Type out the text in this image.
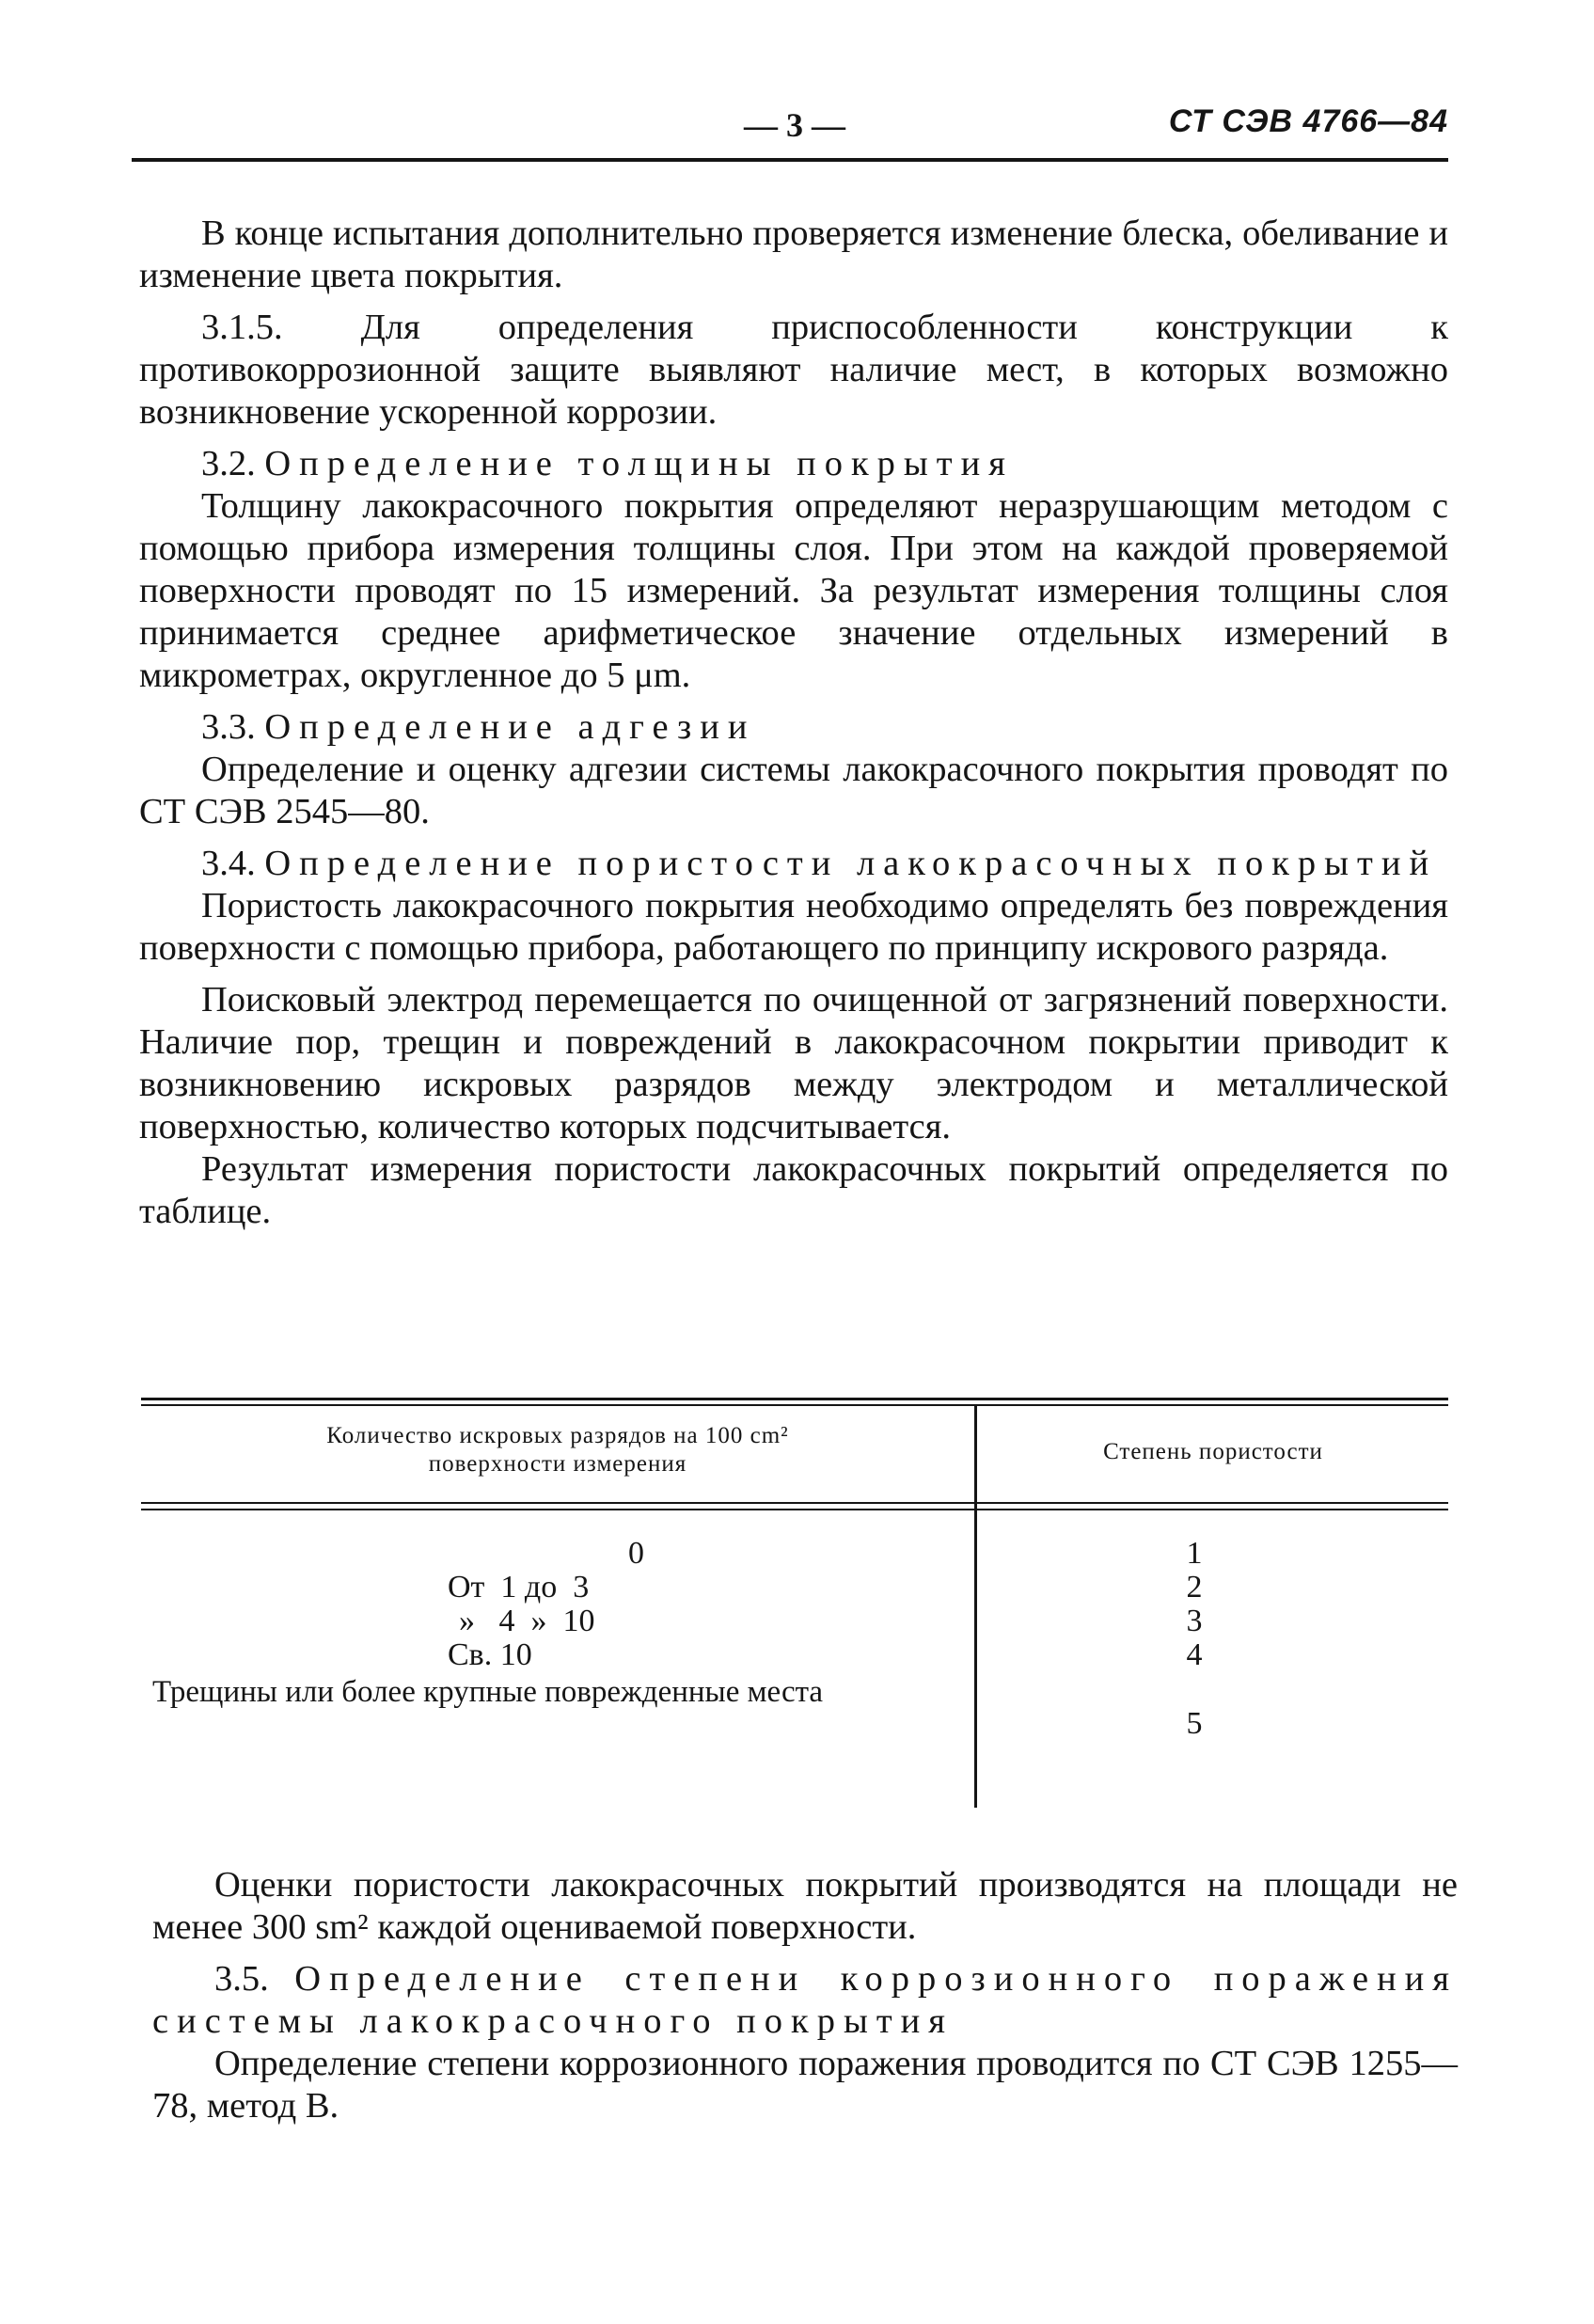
— 3 —	СТ СЭВ 4766—84

В конце испытания дополнительно проверяется изменение блеска, обеливание и изменение цвета покрытия.

3.1.5. Для определения приспособленности конструкции к противокоррозионной защите выявляют наличие мест, в которых возможно возникновение ускоренной коррозии.

3.2. Определение толщины покрытия

Толщину лакокрасочного покрытия определяют неразрушающим методом с помощью прибора измерения толщины слоя. При этом на каждой проверяемой поверхности проводят по 15 измерений. За результат измерения толщины слоя принимается среднее арифметическое значение отдельных измерений в микрометрах, округленное до 5 μm.

3.3. Определение адгезии

Определение и оценку адгезии системы лакокрасочного покрытия проводят по СТ СЭВ 2545—80.

3.4. Определение пористости лакокрасочных покрытий

Пористость лакокрасочного покрытия необходимо определять без повреждения поверхности с помощью прибора, работающего по принципу искрового разряда.

Поисковый электрод перемещается по очищенной от загрязнений поверхности. Наличие пор, трещин и повреждений в лакокрасочном покрытии приводит к возникновению искровых разрядов между электродом и металлической поверхностью, количество которых подсчитывается.

Результат измерения пористости лакокрасочных покрытий определяется по таблице.

Количество искровых разрядов на 100 cm²
поверхности измерения	Степень пористости
0
От  1 до  3
»   4  »  10
Св. 10
Трещины или более крупные поврежденные места
1
2
3
4
5

Оценки пористости лакокрасочных покрытий производятся на площади не менее 300 sm² каждой оцениваемой поверхности.

3.5. Определение степени коррозионного поражения системы лакокрасочного покрытия

Определение степени коррозионного поражения проводится по СТ СЭВ 1255—78, метод В.
